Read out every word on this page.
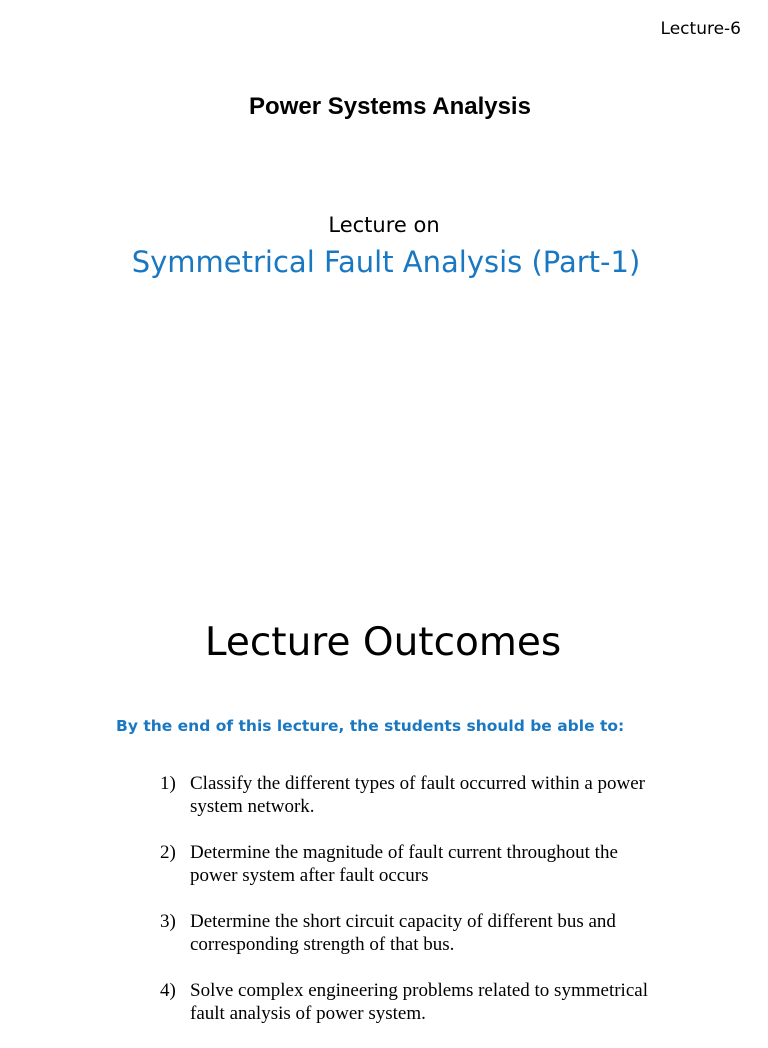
Lecture-6
Power Systems Analysis
Lecture on
Symmetrical Fault Analysis (Part-1)
Lecture Outcomes
By the end of this lecture, the students should be able to:
1) Classify the different types of fault occurred within a power
system network.
2) Determine the magnitude of fault current throughout the
power system after fault occurs
3) Determine the short circuit capacity of different bus and
corresponding strength of that bus.
4) Solve complex engineering problems related to symmetrical
fault analysis of power system.
